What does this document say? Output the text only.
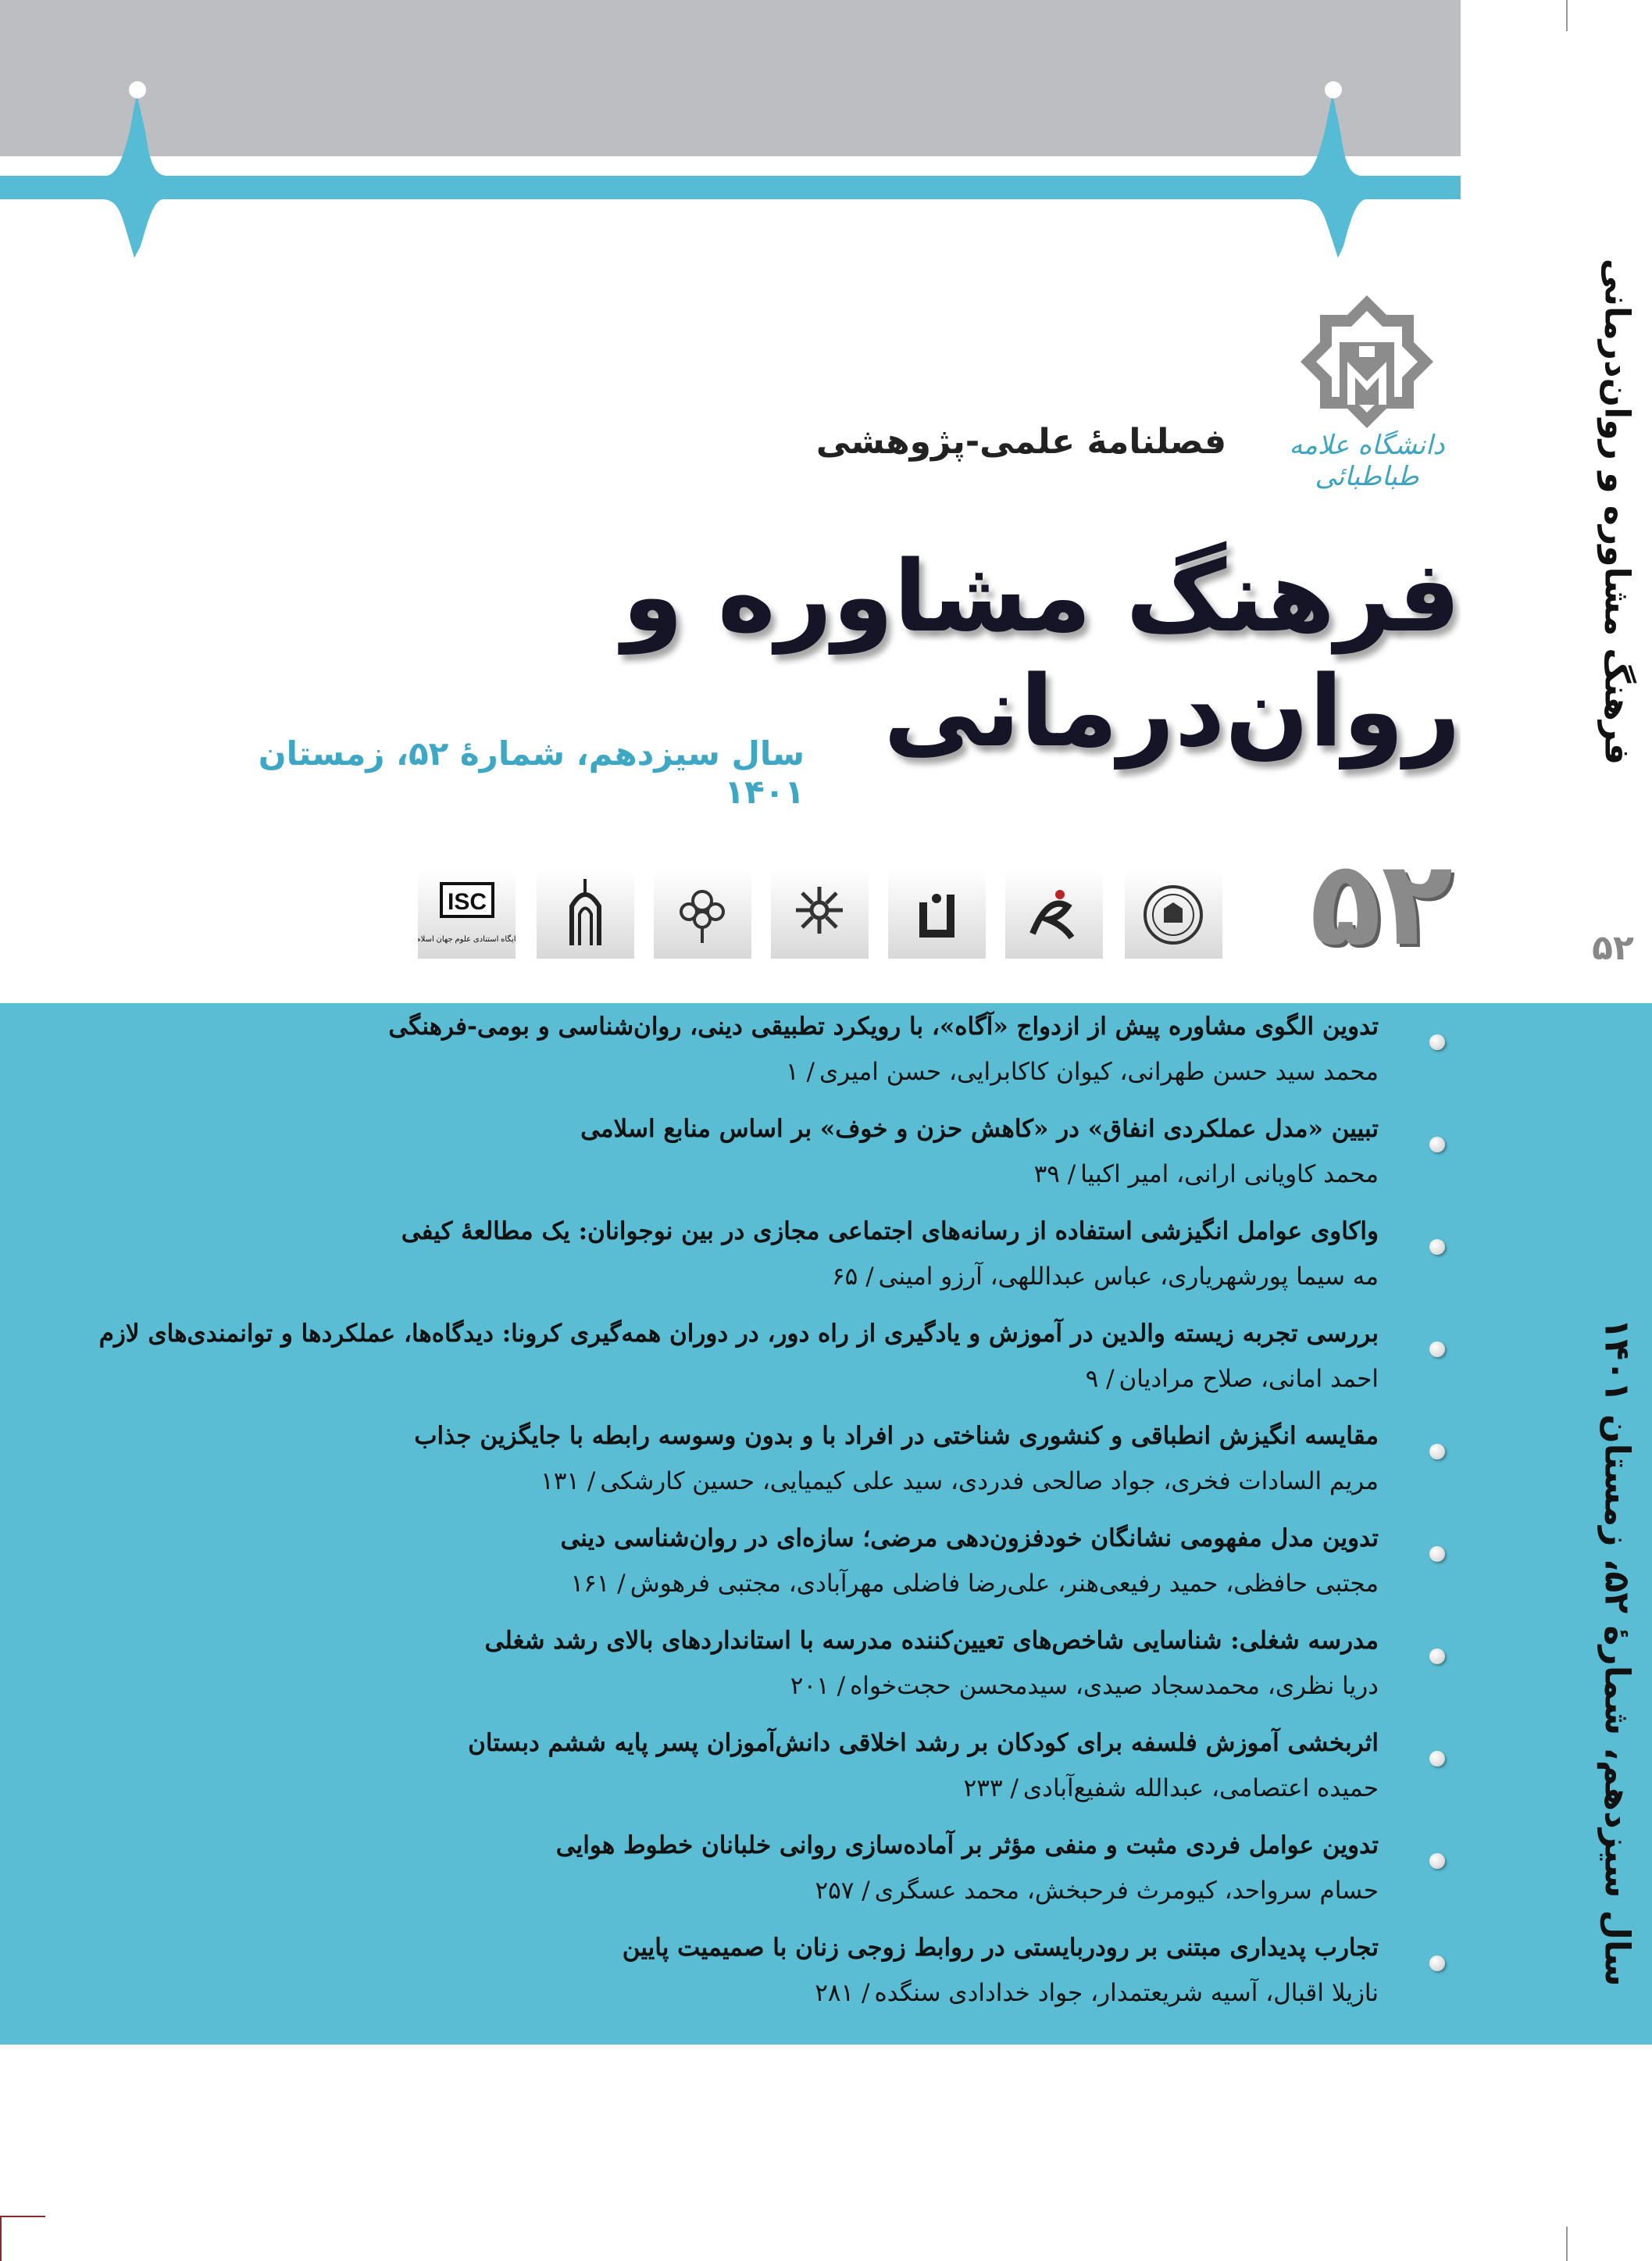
دانشگاه علامه طباطبائی
فصلنامهٔ علمی-پژوهشی
فرهنگ مشاوره و روان‌درمانی
سال سیزدهم، شمارهٔ ۵۲، زمستان ۱۴۰۱
۵۲
ISC
پایگاه استنادی علوم جهان اسلام
تدوین الگوی مشاوره پیش از ازدواج «آگاه»، با رویکرد تطبیقی دینی، روان‌شناسی و بومی-فرهنگی
محمد سید حسن طهرانی، کیوان کاکابرایی، حسن امیری/ ۱
تبیین «مدل عملکردی انفاق» در «کاهش حزن و خوف» بر اساس منابع اسلامی
محمد کاویانی ارانی، امیر اکبیا/ ۳۹
واکاوی عوامل انگیزشی استفاده از رسانه‌های اجتماعی مجازی در بین نوجوانان: یک مطالعهٔ کیفی
مه سیما پورشهریاری، عباس عبداللهی، آرزو امینی/ ۶۵
بررسی تجربه زیسته والدین در آموزش و یادگیری از راه دور، در دوران همه‌گیری کرونا: دیدگاه‌ها، عملکردها و توانمندی‌های لازم
احمد امانی، صلاح مرادیان/ ۹
مقایسه انگیزش انطباقی و کنشوری شناختی در افراد با و بدون وسوسه رابطه با جایگزین جذاب
مریم السادات فخری، جواد صالحی فدردی، سید علی کیمیایی، حسین کارشکی/ ۱۳۱
تدوین مدل مفهومی نشانگان خودفزون‌دهی مرضی؛ سازه‌ای در روان‌شناسی دینی
مجتبی حافظی، حمید رفیعی‌هنر، علی‌رضا فاضلی مهرآبادی، مجتبی فرهوش/ ۱۶۱
مدرسه شغلی: شناسایی شاخص‌های تعیین‌کننده مدرسه با استانداردهای بالای رشد شغلی
دریا نظری، محمدسجاد صیدی، سیدمحسن حجت‌خواه/ ۲۰۱
اثربخشی آموزش فلسفه برای کودکان بر رشد اخلاقی دانش‌آموزان پسر پایه ششم دبستان
حمیده اعتصامی، عبدالله شفیع‌آبادی/ ۲۳۳
تدوین عوامل فردی مثبت و منفی مؤثر بر آماده‌سازی روانی خلبانان خطوط هوایی
حسام سرواحد، کیومرث فرحبخش، محمد عسگری/ ۲۵۷
تجارب پدیداری مبتنی بر رودربایستی در روابط زوجی زنان با صمیمیت پایین
نازیلا اقبال، آسیه شریعتمدار، جواد خدادادی سنگده/ ۲۸۱
فرهنگ مشاوره و روان‌درمانی
۵۲
سال سیزدهم، شمارهٔ ۵۲، زمستان ۱۴۰۱
